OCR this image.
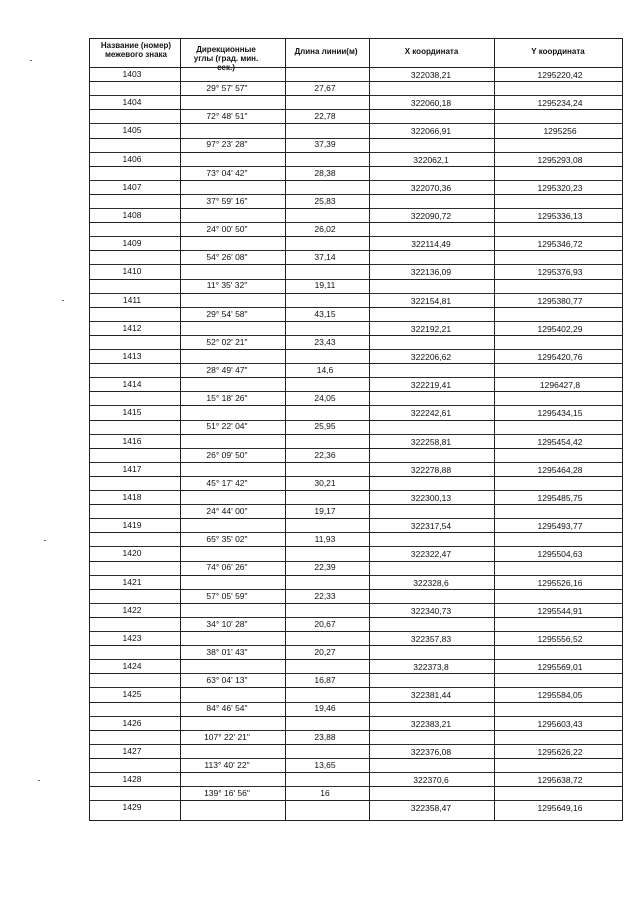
Название (номер) межевого знака
Дирекционные углы (град. мин.
Длина линии(м)	X координата	Y координата
1403	322038,21	1295220,42
1404	322060,18	1295234,24
1405	322066,91	1295256
1406	322062,1	1295293,08
1407	322070,36	1295320,23
1408	322090,72	1295336,13
1409	322114,49	1295346,72
1410	322136,09	1295376,93
1411	322154,81	1295380,77
1412	322192,21	1295402,29
1413	322206,62	1295420,76
1414	322219,41	1296427,8
1415	322242,61	1295434,15
1416	322258,81	1295454,42
1417	322278,88	1295464,28
1418	322300,13	1295485,75
1419	322317,54	1295493,77
1420	322322,47	1295504,63
1421	322328,6	1295526,16
1422	322340,73	1295544,91
1423	322357,83	1295556,52
1424	322373,8	1295569,01
1425	322381,44	1295584,05
1426	322383,21	1295603,43
1427	322376,08	1295626,22
1428	322370,6	1295638,72
1429	322358,47	1295649,16
29° 57' 57"	27,67
72° 48' 51"	22,78
97° 23' 28"	37,39
73° 04' 42"	28,38
37° 59' 16"	25,83
24° 00' 50"	26,02
54° 26' 08"	37,14
11° 35' 32"	19,11
29° 54' 58"	43,15
52° 02' 21"	23,43
28° 49' 47"	14,6
15° 18' 26"	24,05
51° 22' 04"	25,95
26° 09' 50"	22,36
45° 17' 42"	30,21
24° 44' 00"	19,17
65° 35' 02"	11,93
74° 06' 26"	22,39
57° 05' 59"	22,33
34° 10' 28"	20,67
38° 01' 43"	20,27
63° 04' 13"	16,87
84° 46' 54"	19,46
107° 22' 21"	23,88
113° 40' 22"	13,65
139° 16' 56"	16
